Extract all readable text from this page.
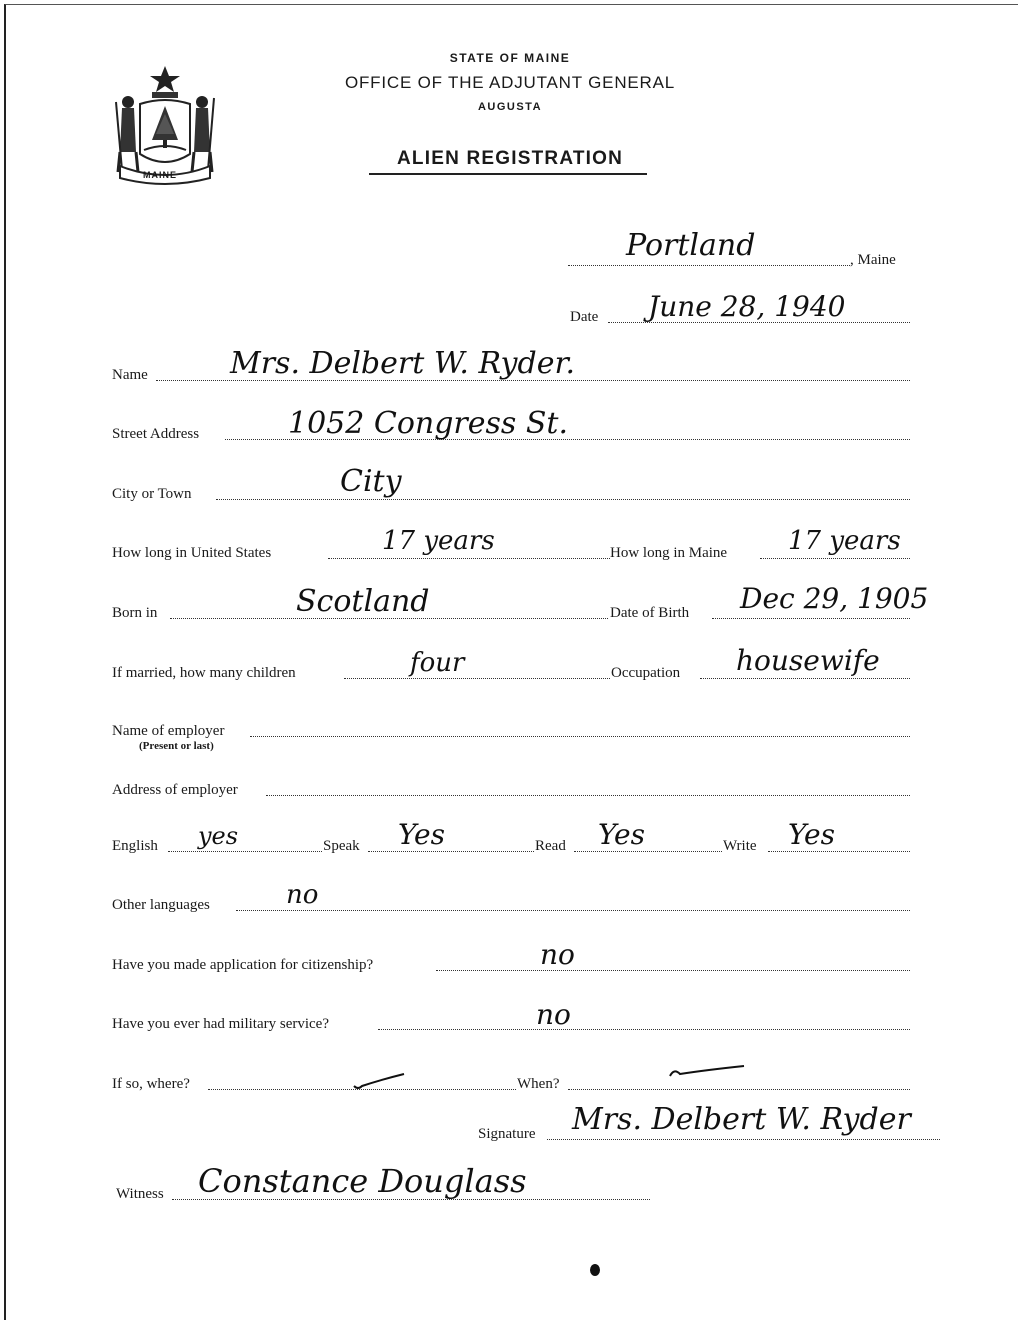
MAINE
STATE OF MAINE
OFFICE OF THE ADJUTANT GENERAL
AUGUSTA
ALIEN REGISTRATION
Portland	, Maine
Date June 28, 1940
Name	Mrs. Delbert W. Ryder.
Street Address	1052 Congress St.
City or Town	City
How long in United States	17 years	How long in Maine 17 years
Born in	Scotland	Date of Birth Dec 29, 1905
If married, how many children	four	Occupation housewife
Name of employer
(Present or last)
Address of employer
English yes	Speak Yes	Read Yes	Write Yes
Other languages	no
Have you made application for citizenship?	no
Have you ever had military service?	no
If so, where?	When?
Signature Mrs. Delbert W. Ryder
Witness Constance Douglass
